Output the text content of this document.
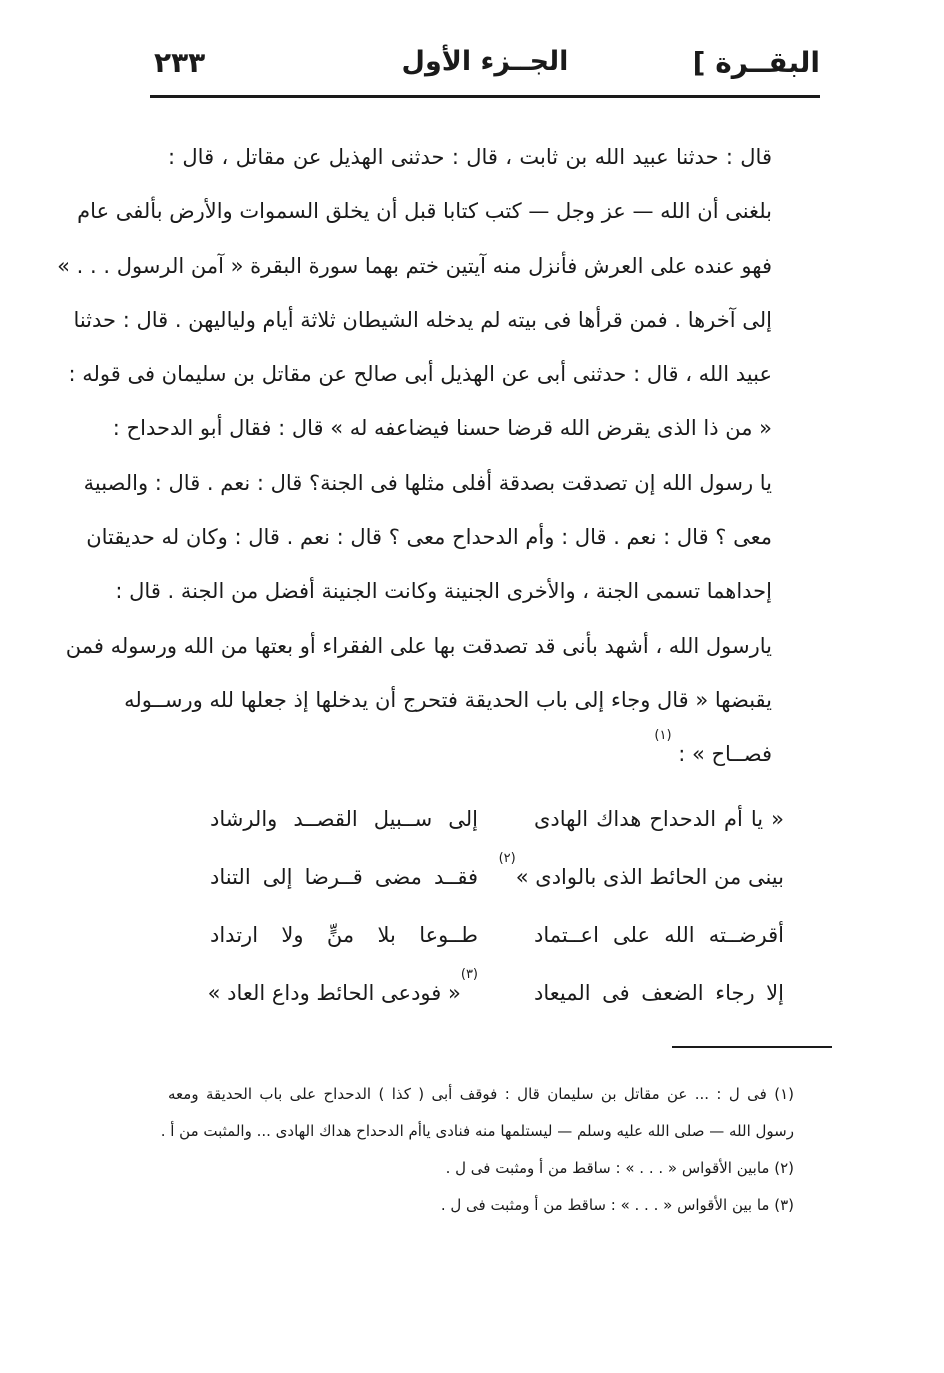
البقــرة ]
الجــزء الأول
٢٣٣
قال : حدثنا عبيد الله بن ثابت ، قال : حدثنى الهذيل عن مقاتل ، قال :
بلغنى أن الله — عز وجل — كتب كتابا قبل أن يخلق السموات والأرض بألفى عام
فهو عنده على العرش فأنزل منه آيتين ختم بهما سورة البقرة « آمن الرسول . . . »
إلى آخرها . فمن قرأها فى بيته لم يدخله الشيطان ثلاثة أيام ولياليهن . قال : حدثنا
عبيد الله ، قال : حدثنى أبى عن الهذيل أبى صالح عن مقاتل بن سليمان فى قوله :
« من ذا الذى يقرض الله قرضا حسنا فيضاعفه له » قال : فقال أبو الدحداح :
يا رسول الله إن تصدقت بصدقة أفلى مثلها فى الجنة؟ قال : نعم . قال : والصبية
معى ؟ قال : نعم . قال : وأم الدحداح معى ؟ قال : نعم . قال : وكان له حديقتان
إحداهما تسمى الجنة ، والأخرى الجنينة وكانت الجنينة أفضل من الجنة . قال :
يارسول الله ، أشهد بأنى قد تصدقت بها على الفقراء أو بعتها من الله ورسوله فمن
يقبضها « قال وجاء إلى باب الحديقة فتحرج أن يدخلها إذ جعلها لله ورســوله
فصــاح » : $^{(١)}$
« يا أم الدحداح هداك الهادى
إلى ســبيل القصــد والرشاد
بينى من الحائط الذى بالوادى »$^{(٢)}$
فقــد مضى قــرضا إلى التناد
أقرضــته الله على اعــتماد
طــوعا بلا منٍّ ولا ارتداد
إلا رجاء الضعف فى الميعاد
$^{(٣)}$« فودعى الحائط وداع العاد »
(١) فى ل : ... عن مقاتل بن سليمان قال : فوقف أبى ( كذا ) الدحداح على باب الحديقة ومعه
رسول الله — صلى الله عليه وسلم — ليستلمها منه فنادى ياأم الدحداح هداك الهادى ... والمثبت من أ .
(٢) مابين الأقواس « . . . » : ساقط من أ ومثبت فى ل .
(٣) ما بين الأقواس « . . . » : ساقط من أ ومثبت فى ل .
